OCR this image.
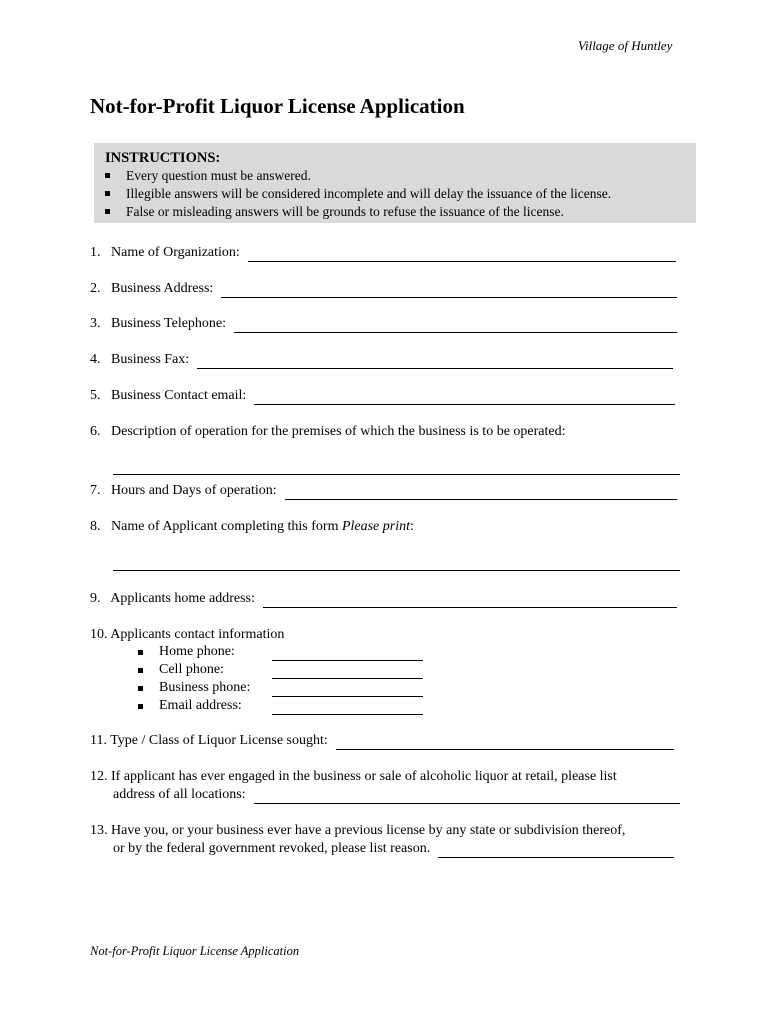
Village of Huntley
Not-for-Profit Liquor License Application
INSTRUCTIONS:
Every question must be answered.
Illegible answers will be considered incomplete and will delay the issuance of the license.
False or misleading answers will be grounds to refuse the issuance of the license.
1.   Name of Organization:
2.   Business Address:
3.   Business Telephone:
4.   Business Fax:
5.   Business Contact email:
6.   Description of operation for the premises of which the business is to be operated:
7.   Hours and Days of operation:
8.   Name of Applicant completing this form
Please print :
9.   Applicants home address:
10. Applicants contact information
Home phone:
Cell phone:
Business phone:
Email address:
11. Type / Class of Liquor License sought:
12. If applicant has ever engaged in the business or sale of alcoholic liquor at retail, please list
address of all locations:
13. Have you, or your business ever have a previous license by any state or subdivision thereof,
or by the federal government revoked, please list reason.
Not-for-Profit Liquor License Application
